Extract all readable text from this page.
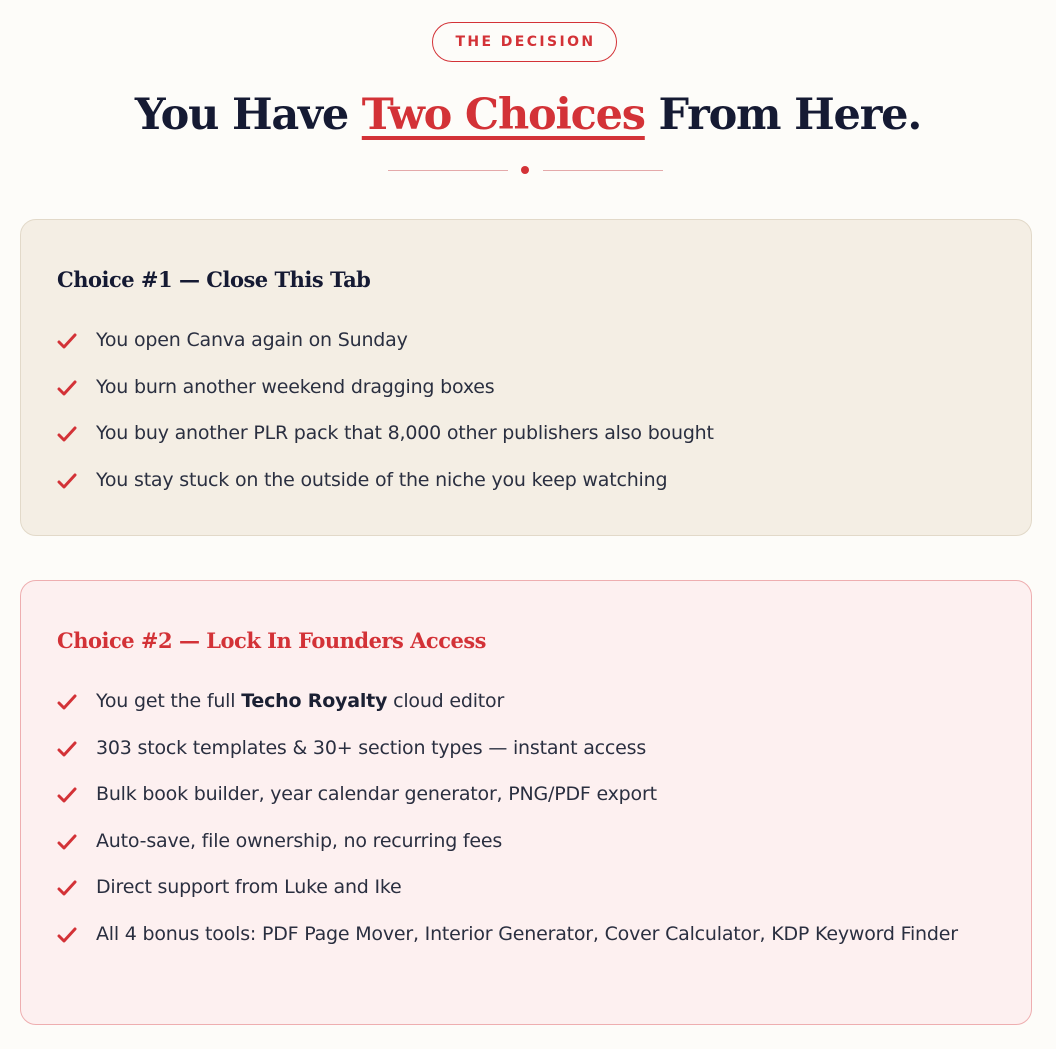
THE DECISION
You Have Two Choices From Here.
Choice #1 — Close This Tab
You open Canva again on Sunday
You burn another weekend dragging boxes
You buy another PLR pack that 8,000 other publishers also bought
You stay stuck on the outside of the niche you keep watching
Choice #2 — Lock In Founders Access
You get the full Techo Royalty cloud editor
303 stock templates & 30+ section types — instant access
Bulk book builder, year calendar generator, PNG/PDF export
Auto-save, file ownership, no recurring fees
Direct support from Luke and Ike
All 4 bonus tools: PDF Page Mover, Interior Generator, Cover Calculator, KDP Keyword Finder
